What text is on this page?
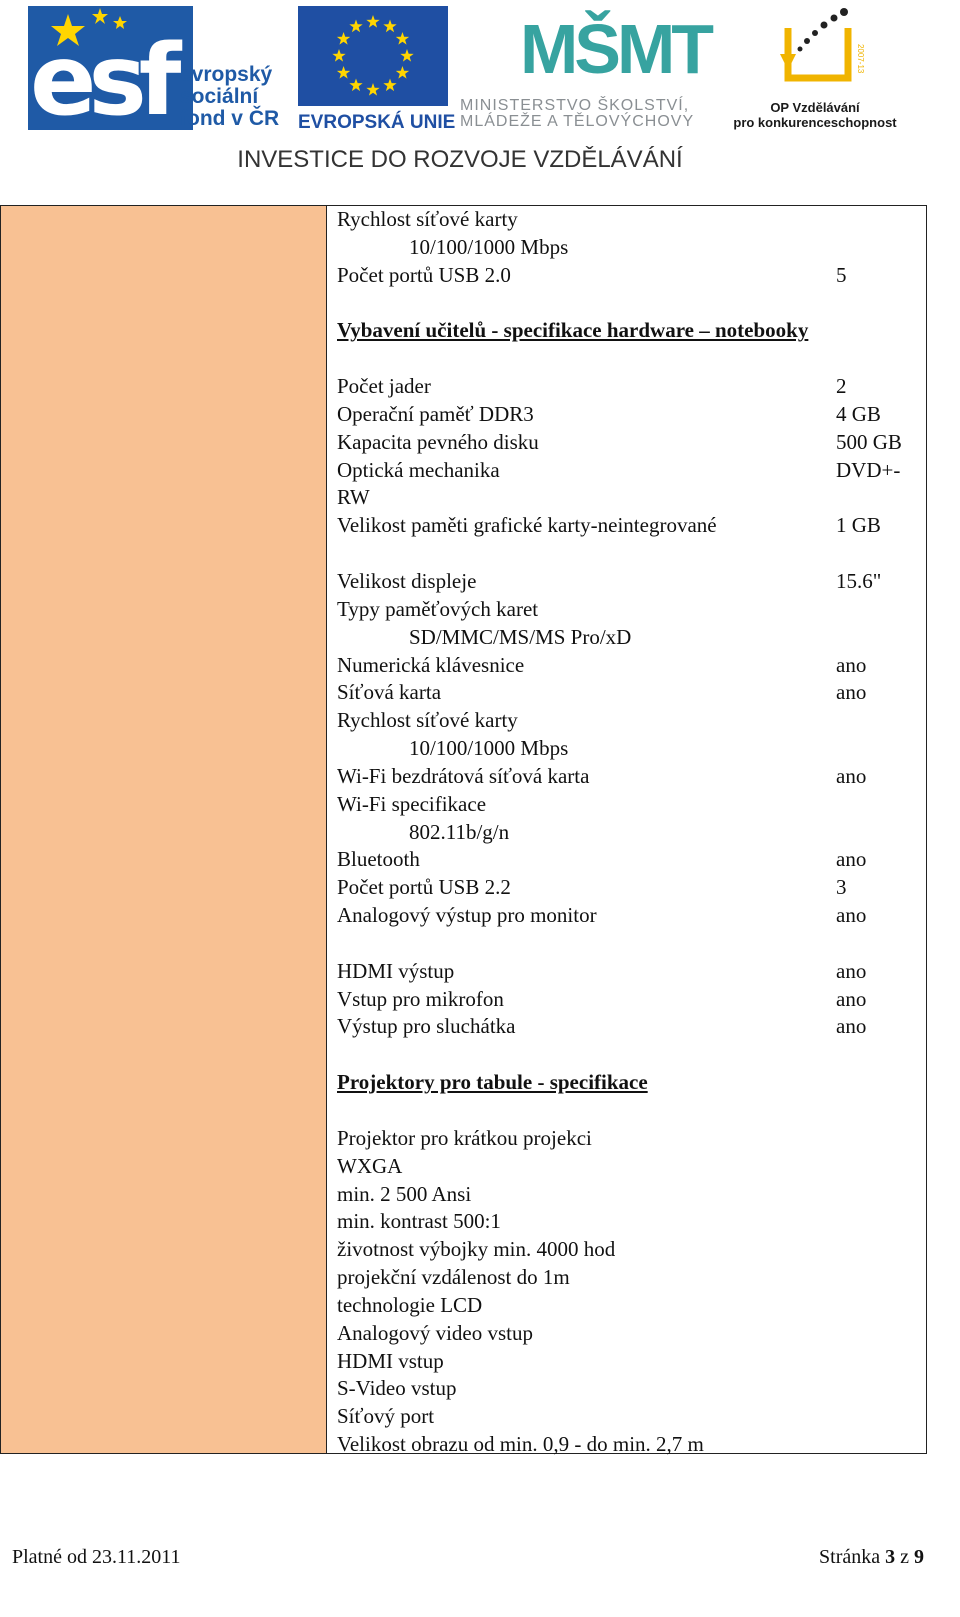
esf evropský
sociální
fond v ČR EVROPSKÁ UNIE
MŠMT
MINISTERSTVO ŠKOLSTVÍ,
MLÁDEŽE A TĚLOVÝCHOVY
2007-13
OP Vzdělávání
pro konkurenceschopnost
INVESTICE DO ROZVOJE VZDĚLÁVÁNÍ
Rychlost síťové karty
10/100/1000 Mbps
Počet portů USB 2.0	5
Vybavení učitelů - specifikace hardware – notebooky
Počet jader	2
Operační paměť DDR3	4 GB
Kapacita pevného disku	500 GB
Optická mechanika	DVD+-
RW
Velikost paměti grafické karty-neintegrované	1 GB
Velikost displeje	15.6"
Typy paměťových karet
SD/MMC/MS/MS Pro/xD
Numerická klávesnice	ano
Síťová karta	ano
Rychlost síťové karty
10/100/1000 Mbps
Wi-Fi bezdrátová síťová karta	ano
Wi-Fi specifikace
802.11b/g/n
Bluetooth	ano
Počet portů USB 2.2	3
Analogový výstup pro monitor	ano
HDMI výstup	ano
Vstup pro mikrofon	ano
Výstup pro sluchátka	ano
Projektory pro tabule - specifikace
Projektor pro krátkou projekci
WXGA
min. 2 500 Ansi
min. kontrast 500:1
životnost výbojky min. 4000 hod
projekční vzdálenost do 1m
technologie LCD
Analogový video vstup
HDMI vstup
S-Video vstup
Síťový port
Velikost obrazu od min. 0,9 - do min. 2,7 m
Platné od 23.11.2011	Stránka 3 z 9
